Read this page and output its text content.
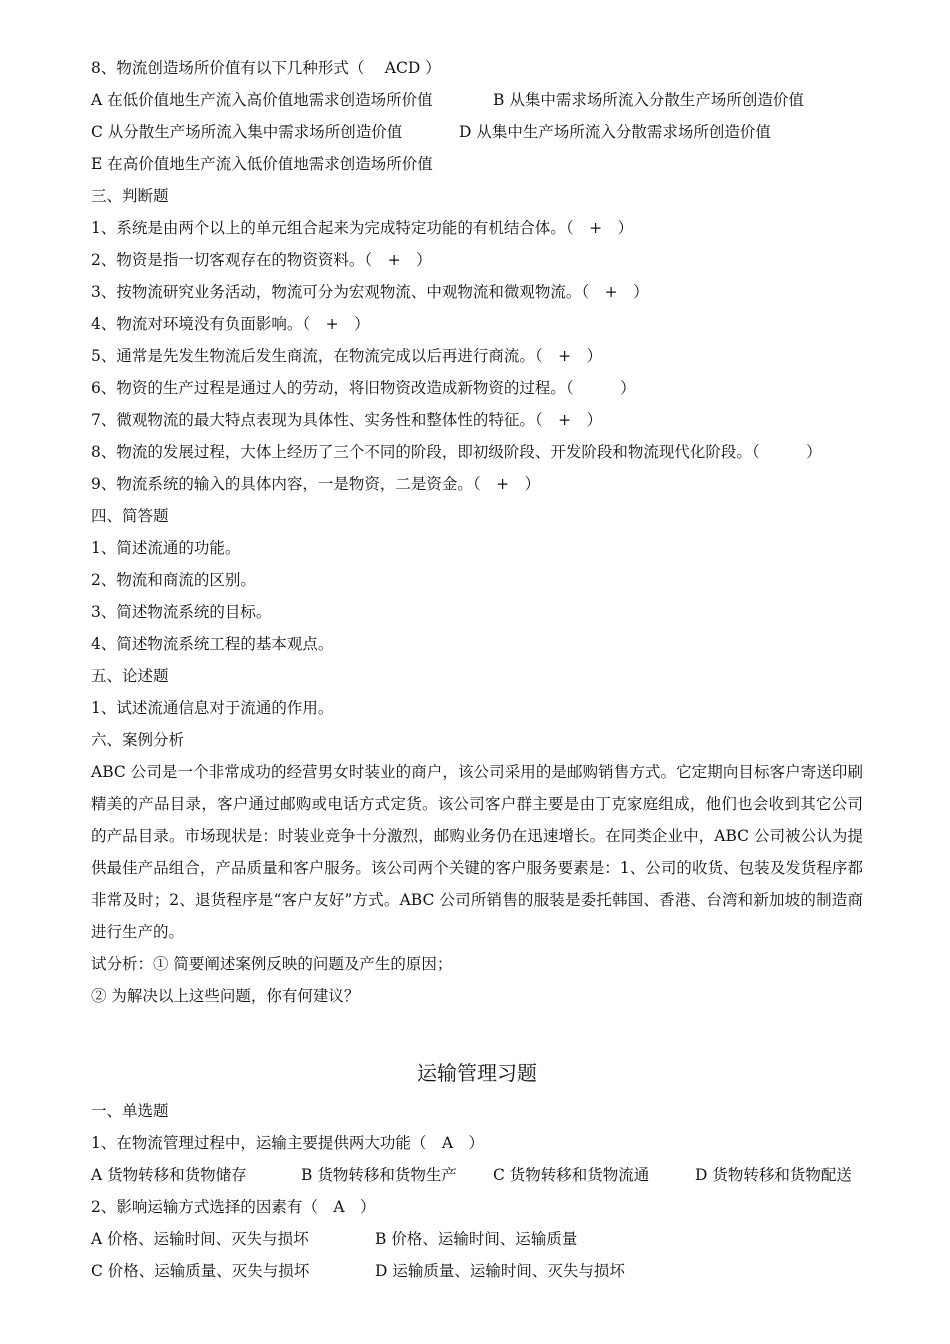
8、物流创造场所价值有以下几种形式（　 ACD ）
A 在低价值地生产流入高价值地需求创造场所价值	B 从集中需求场所流入分散生产场所创造价值
C 从分散生产场所流入集中需求场所创造价值	D 从集中生产场所流入分散需求场所创造价值
E 在高价值地生产流入低价值地需求创造场所价值
三、判断题
1、系统是由两个以上的单元组合起来为完成特定功能的有机结合体。（　+　）
2、物资是指一切客观存在的物资资料。（　+　）
3、按物流研究业务活动，物流可分为宏观物流、中观物流和微观物流。（　+　）
4、物流对环境没有负面影响。（　+　）
5、通常是先发生物流后发生商流，在物流完成以后再进行商流。（　+　）
6、物资的生产过程是通过人的劳动，将旧物资改造成新物资的过程。（　　　）
7、微观物流的最大特点表现为具体性、实务性和整体性的特征。（　+　）
8、物流的发展过程，大体上经历了三个不同的阶段，即初级阶段、开发阶段和物流现代化阶段。（　　　）
9、物流系统的输入的具体内容，一是物资，二是资金。（　+　）
四、简答题
1、简述流通的功能。
2、物流和商流的区别。
3、简述物流系统的目标。
4、简述物流系统工程的基本观点。
五、论述题
1、试述流通信息对于流通的作用。
六、案例分析

ABC 公司是一个非常成功的经营男女时装业的商户，该公司采用的是邮购销售方式。它定期向目标客户寄送印刷精美的产品目录，客户通过邮购或电话方式定货。该公司客户群主要是由丁克家庭组成，他们也会收到其它公司的产品目录。市场现状是：时装业竞争十分激烈，邮购业务仍在迅速增长。在同类企业中，ABC 公司被公认为提供最佳产品组合，产品质量和客户服务。该公司两个关键的客户服务要素是：1、公司的收货、包装及发货程序都非常及时；2、退货程序是“客户友好”方式。ABC 公司所销售的服装是委托韩国、香港、台湾和新加坡的制造商进行生产的。

试分析：① 简要阐述案例反映的问题及产生的原因；
② 为解决以上这些问题，你有何建议？
运输管理习题
一、单选题
1、在物流管理过程中，运输主要提供两大功能（　A　）
A 货物转移和货物储存	B 货物转移和货物生产	C 货物转移和货物流通	D 货物转移和货物配送
2、影响运输方式选择的因素有（　A　）
A 价格、运输时间、灭失与损坏	B 价格、运输时间、运输质量
C 价格、运输质量、灭失与损坏	D 运输质量、运输时间、灭失与损坏
